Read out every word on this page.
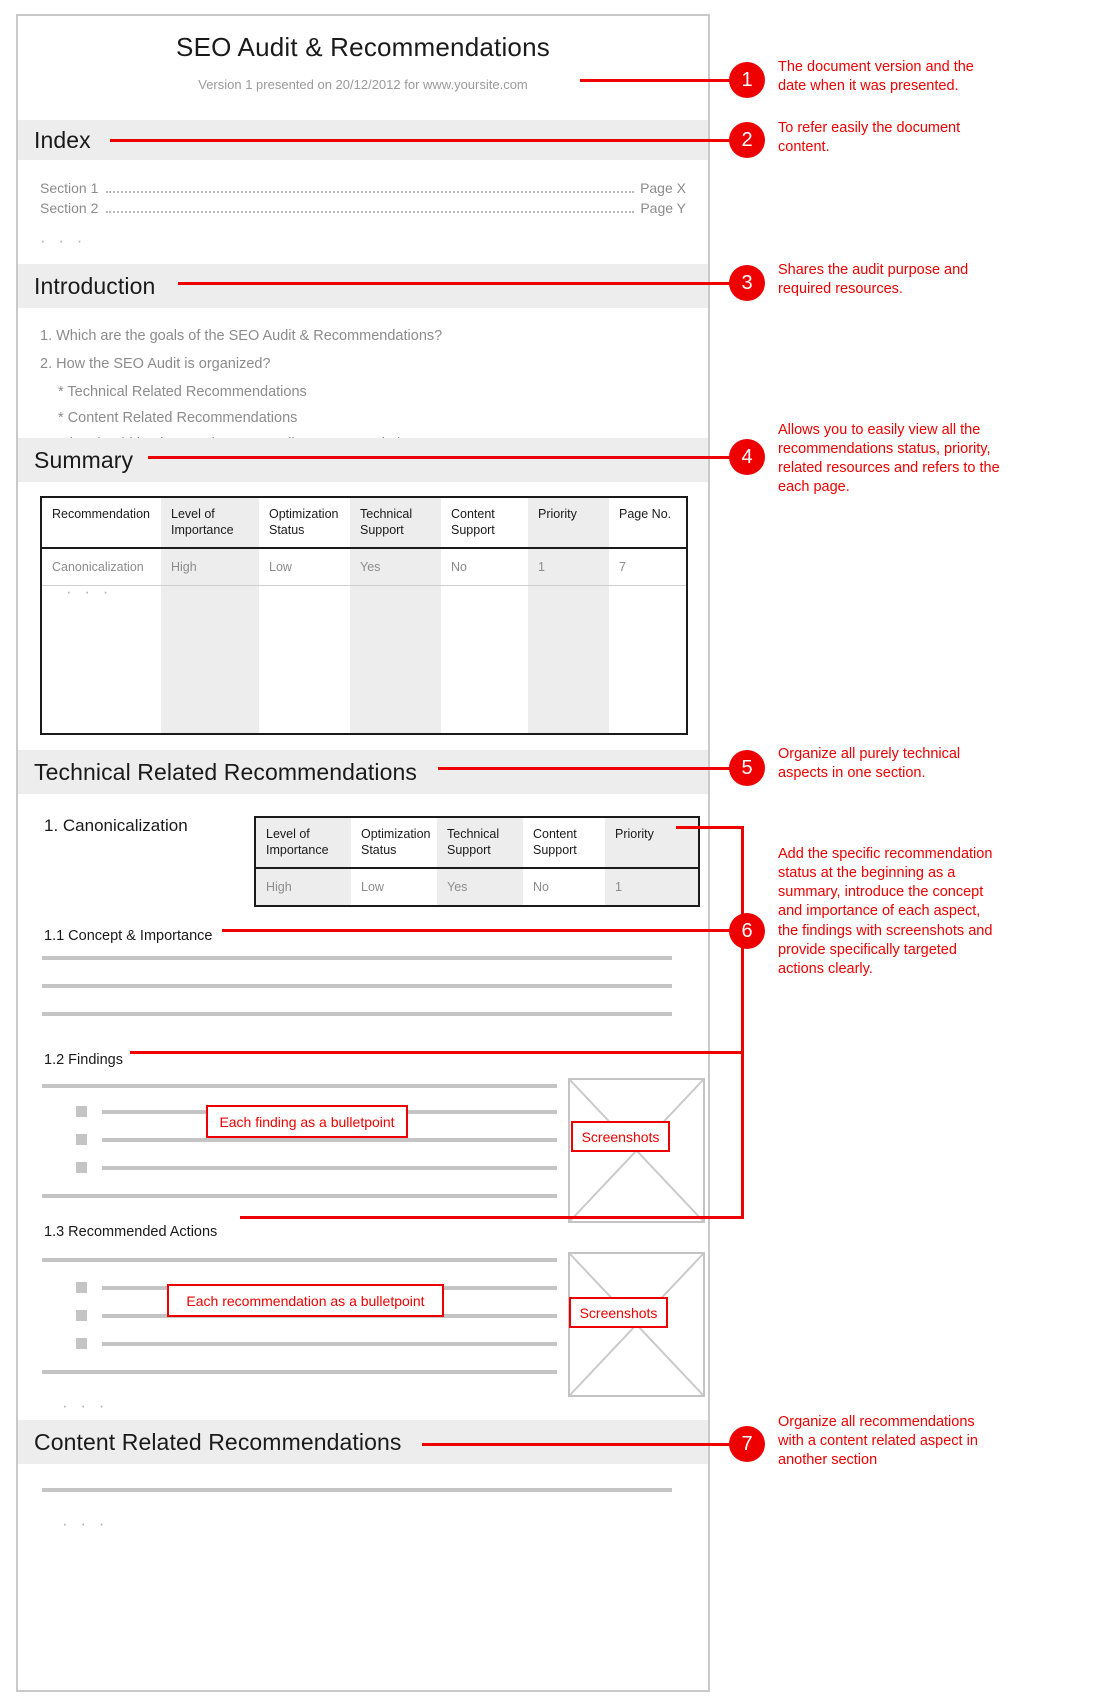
SEO Audit & Recommendations
Version 1 presented on 20/12/2012 for www.yoursite.com
Index
Section 1	Page X
Section 2	Page Y
· · ·
Introduction
1. Which are the goals of the SEO Audit & Recommendations?
2. How the SEO Audit is organized?
* Technical Related Recommendations
* Content Related Recommendations
Summary
Recommendation	Level of Importance	Optimization Status	Technical Support	Content Support	Priority	Page No.
Canonicalization	High	Low	Yes	No	1	7

· · ·
Technical Related Recommendations
1. Canonicalization	Level of Importance	Optimization Status	Technical Support	Content Support	Priority
High	Low	Yes	No	1
1.1 Concept & Importance
1.2 Findings
1.3 Recommended Actions
· · ·
Content Related Recommendations
· · ·
Each finding as a bulletpoint
Screenshots
Each recommendation as a bulletpoint
Screenshots
1
The document version and the date when it was presented.
2
To refer easily the document content.
3
Shares the audit purpose and required resources.
4
Allows you to easily view all the recommendations status, priority, related resources and refers to the each page.
5
Organize all purely technical aspects in one section.
6
Add the specific recommendation status at the beginning as a summary, introduce the concept and importance of each aspect, the findings with screenshots and provide specifically targeted actions clearly.
7
Organize all recommendations with a content related aspect in another section
